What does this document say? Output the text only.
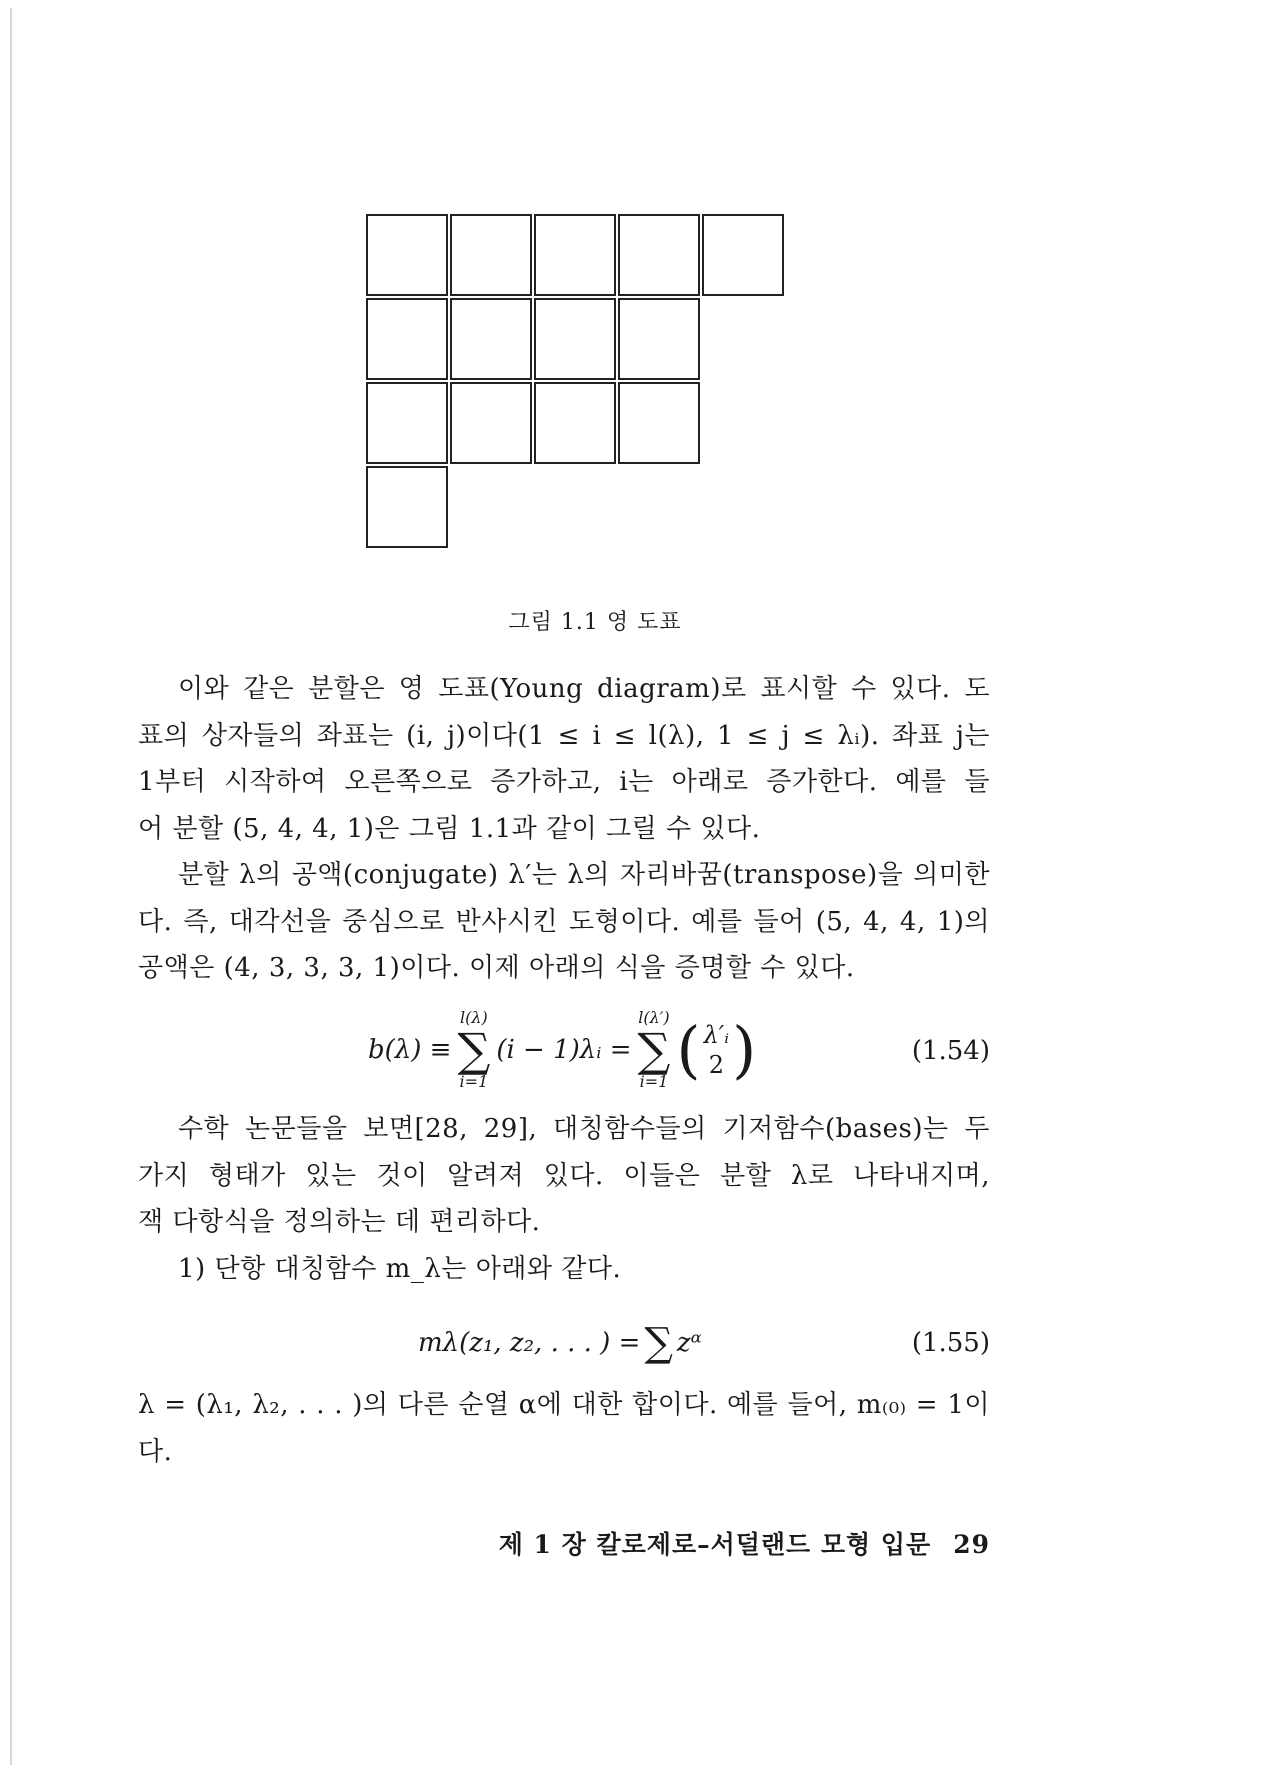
그림 1.1 영 도표
이와 같은 분할은 영 도표(Young diagram)로 표시할 수 있다. 도
표의 상자들의 좌표는 (i, j)이다(1 ≤ i ≤ l(λ), 1 ≤ j ≤ λᵢ). 좌표 j는
1부터 시작하여 오른쪽으로 증가하고, i는 아래로 증가한다. 예를 들
어 분할 (5, 4, 4, 1)은 그림 1.1과 같이 그릴 수 있다.
분할 λ의 공액(conjugate) λ′는 λ의 자리바꿈(transpose)을 의미한
다. 즉, 대각선을 중심으로 반사시킨 도형이다. 예를 들어 (5, 4, 4, 1)의
공액은 (4, 3, 3, 3, 1)이다. 이제 아래의 식을 증명할 수 있다.
b(λ) ≡
l(λ)
∑
i=1
(i − 1)λᵢ =
l(λ′)
∑
i=1 ( λ′ᵢ
2 )	(1.54)
수학 논문들을 보면[28, 29], 대칭함수들의 기저함수(bases)는 두
가지 형태가 있는 것이 알려져 있다. 이들은 분할 λ로 나타내지며,
잭 다항식을 정의하는 데 편리하다.
1) 단항 대칭함수 m_λ는 아래와 같다.
mλ(z₁, z₂, . . . ) = ∑ zᵅ	(1.55)
λ = (λ₁, λ₂, . . . )의 다른 순열 α에 대한 합이다. 예를 들어, m₍₀₎ = 1이
다.
제 1 장 칼로제로–서덜랜드 모형 입문 29
